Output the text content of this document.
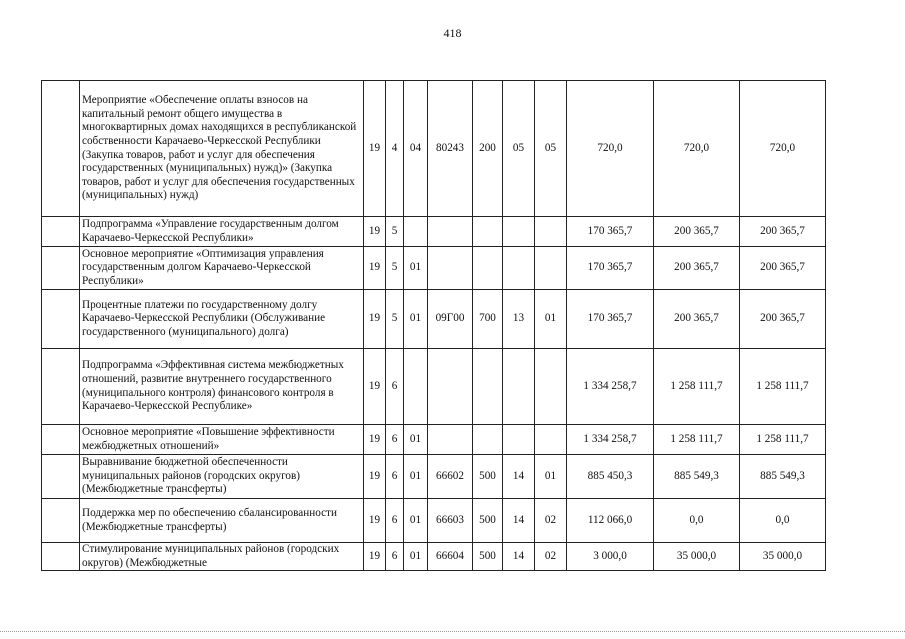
418
	Мероприятие «Обеспечение оплаты взносов на капитальный ремонт общего имущества в многоквартирных домах находящихся в республиканской собственности Карачаево-Черкесской Республики (Закупка товаров, работ и услуг для обеспечения государственных (муниципальных) нужд)» (Закупка товаров, работ и услуг для обеспечения государственных (муниципальных) нужд)	19	4	04	80243	200	05	05	720,0	720,0	720,0
	Подпрограмма «Управление государственным долгом Карачаево-Черкесской Республики»	19	5						170 365,7	200 365,7	200 365,7
	Основное мероприятие «Оптимизация управления государственным долгом Карачаево-Черкесской Республики»	19	5	01					170 365,7	200 365,7	200 365,7
	Процентные платежи по государственному долгу Карачаево-Черкесской Республики (Обслуживание государственного (муниципального) долга)	19	5	01	09Г00	700	13	01	170 365,7	200 365,7	200 365,7
	Подпрограмма «Эффективная система межбюджетных отношений, развитие внутреннего государственного (муниципального контроля) финансового контроля в Карачаево-Черкесской Республике»	19	6						1 334 258,7	1 258 111,7	1 258 111,7
	Основное мероприятие «Повышение эффективности межбюджетных отношений»	19	6	01					1 334 258,7	1 258 111,7	1 258 111,7
	Выравнивание бюджетной обеспеченности муниципальных районов (городских округов) (Межбюджетные трансферты)	19	6	01	66602	500	14	01	885 450,3	885 549,3	885 549,3
	Поддержка мер по обеспечению сбалансированности (Межбюджетные трансферты)	19	6	01	66603	500	14	02	112 066,0	0,0	0,0
	Стимулирование муниципальных районов (городских округов) (Межбюджетные	19	6	01	66604	500	14	02	3 000,0	35 000,0	35 000,0
